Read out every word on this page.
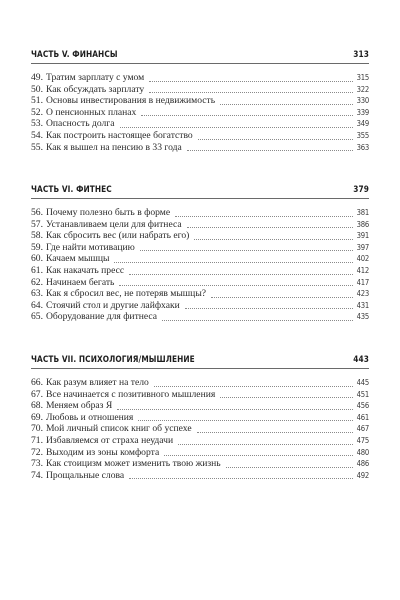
ЧАСТЬ V. ФИНАНСЫ	313
49. Тратим зарплату с умом	315
50. Как обсуждать зарплату	322
51. Основы инвестирования в недвижимость	330
52. О пенсионных планах	339
53. Опасность долга	349
54. Как построить настоящее богатство	355
55. Как я вышел на пенсию в 33 года	363
ЧАСТЬ VI. ФИТНЕС	379
56. Почему полезно быть в форме	381
57. Устанавливаем цели для фитнеса	386
58. Как сбросить вес (или набрать его)	391
59. Где найти мотивацию	397
60. Качаем мышцы	402
61. Как накачать пресс	412
62. Начинаем бегать	417
63. Как я сбросил вес, не потеряв мышцы?	423
64. Стоячий стол и другие лайфхаки	431
65. Оборудование для фитнеса	435
ЧАСТЬ VII. ПСИХОЛОГИЯ/МЫШЛЕНИЕ	443
66. Как разум влияет на тело	445
67. Все начинается с позитивного мышления	451
68. Меняем образ Я	456
69. Любовь и отношения	461
70. Мой личный список книг об успехе	467
71. Избавляемся от страха неудачи	475
72. Выходим из зоны комфорта	480
73. Как стоицизм может изменить твою жизнь	486
74. Прощальные слова	492
